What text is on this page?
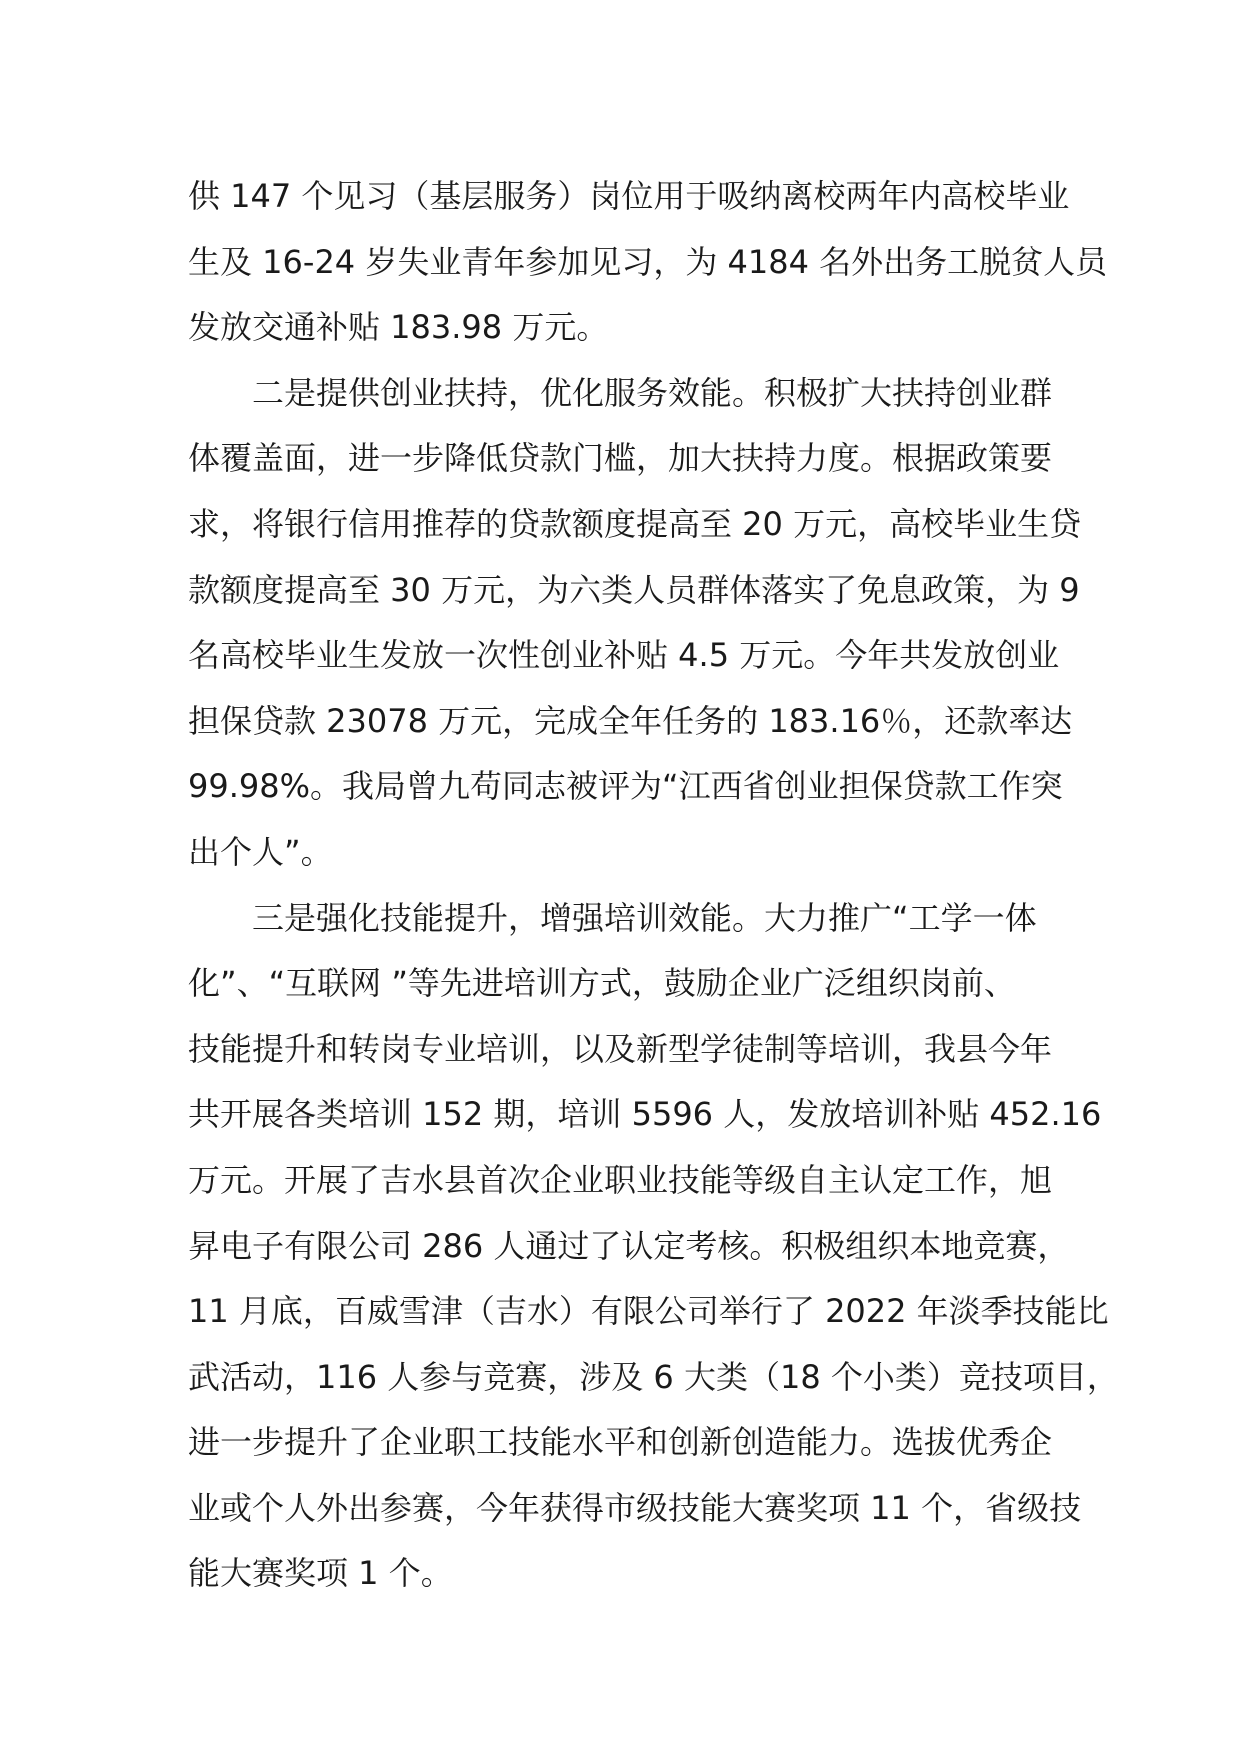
供 147 个见习（基层服务）岗位用于吸纳离校两年内高校毕业
生及 16-24 岁失业青年参加见习，为 4184 名外出务工脱贫人员
发放交通补贴 183.98 万元。

二是提供创业扶持，优化服务效能。积极扩大扶持创业群
体覆盖面，进一步降低贷款门槛，加大扶持力度。根据政策要
求，将银行信用推荐的贷款额度提高至 20 万元，高校毕业生贷
款额度提高至 30 万元，为六类人员群体落实了免息政策，为 9
名高校毕业生发放一次性创业补贴 4.5 万元。今年共发放创业
担保贷款 23078 万元，完成全年任务的 183.16％，还款率达
99.98%。我局曾九苟同志被评为“江西省创业担保贷款工作突
出个人”。

三是强化技能提升，增强培训效能。大力推广“工学一体
化”、“互联网 ”等先进培训方式，鼓励企业广泛组织岗前、
技能提升和转岗专业培训，以及新型学徒制等培训，我县今年
共开展各类培训 152 期，培训 5596 人，发放培训补贴 452.16
万元。开展了吉水县首次企业职业技能等级自主认定工作，旭
昇电子有限公司 286 人通过了认定考核。积极组织本地竞赛，
11 月底，百威雪津（吉水）有限公司举行了 2022 年淡季技能比
武活动，116 人参与竞赛，涉及 6 大类（18 个小类）竞技项目，
进一步提升了企业职工技能水平和创新创造能力。选拔优秀企
业或个人外出参赛，今年获得市级技能大赛奖项 11 个，省级技
能大赛奖项 1 个。
